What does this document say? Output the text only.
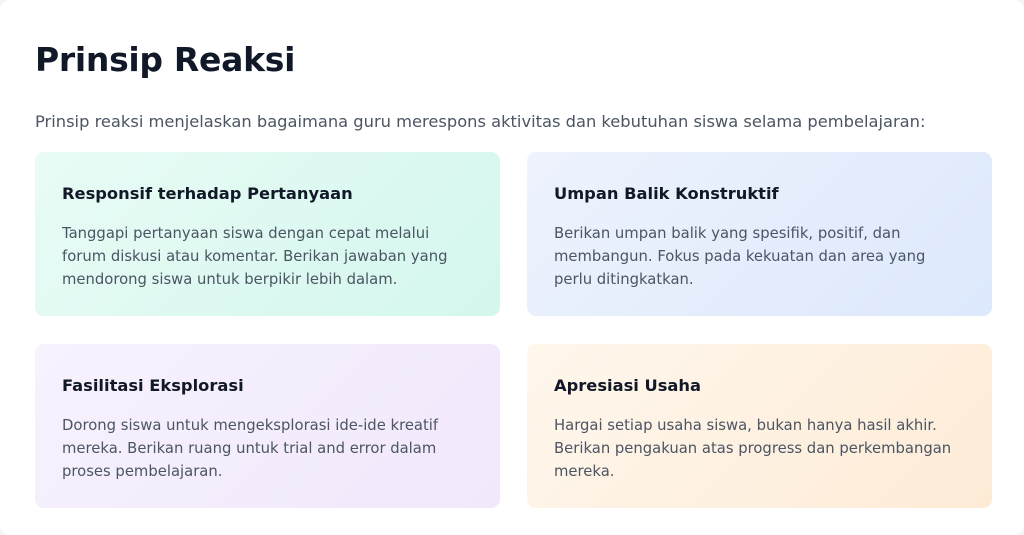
Prinsip Reaksi

Prinsip reaksi menjelaskan bagaimana guru merespons aktivitas dan kebutuhan siswa selama pembelajaran:

Responsif terhadap Pertanyaan

Tanggapi pertanyaan siswa dengan cepat melalui forum diskusi atau komentar. Berikan jawaban yang mendorong siswa untuk berpikir lebih dalam.

Umpan Balik Konstruktif

Berikan umpan balik yang spesifik, positif, dan membangun. Fokus pada kekuatan dan area yang perlu ditingkatkan.

Fasilitasi Eksplorasi

Dorong siswa untuk mengeksplorasi ide-ide kreatif mereka. Berikan ruang untuk trial and error dalam proses pembelajaran.

Apresiasi Usaha

Hargai setiap usaha siswa, bukan hanya hasil akhir. Berikan pengakuan atas progress dan perkembangan mereka.
